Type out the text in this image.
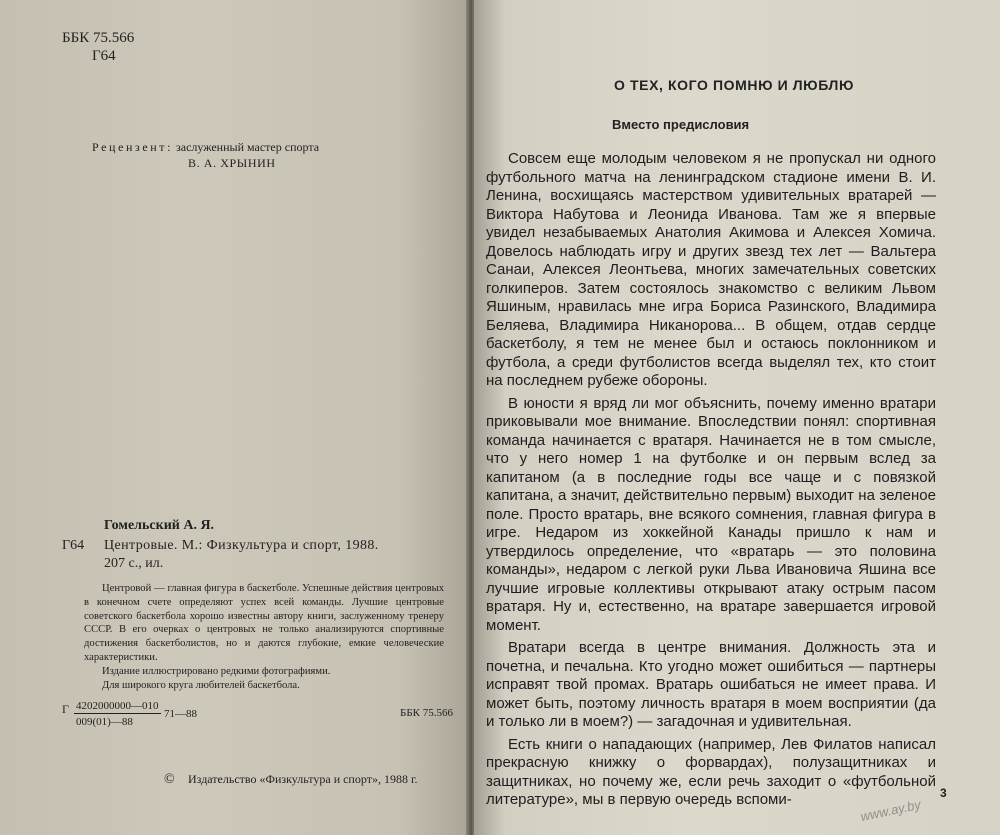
ББК 75.566
Г64
Рецензент: заслуженный мастер спорта
В. А. ХРЫНИН
Гомельский А. Я.
Г64 Центровые. М.: Физкультура и спорт, 1988.
207 с., ил.

Центровой — главная фигура в баскетболе. Успешные действия центровых в конечном счете определяют успех всей команды. Лучшие центровые советского баскетбола хорошо известны автору книги, заслуженному тренеру СССР. В его очерках о центровых не только анализируются спортивные достижения баскетболистов, но и даются глубокие, емкие человеческие характеристики.

Издание иллюстрировано редкими фотографиями.

Для широкого круга любителей баскетбола.

Г 4202000000—010
009(01)—88
71—88	ББК 75.566
© Издательство «Физкультура и спорт», 1988 г.
О ТЕХ, КОГО ПОМНЮ И ЛЮБЛЮ
Вместо предисловия

Совсем еще молодым человеком я не пропускал ни одного футбольного матча на ленинградском стадионе имени В. И. Ленина, восхищаясь мастерством удивительных вратарей — Виктора Набутова и Леонида Иванова. Там же я впервые увидел незабываемых Анатолия Акимова и Алексея Хомича. Довелось наблюдать игру и других звезд тех лет — Вальтера Санаи, Алексея Леонтьева, многих замечательных советских голкиперов. Затем состоялось знакомство с великим Львом Яшиным, нравилась мне игра Бориса Разинского, Владимира Беляева, Владимира Никанорова... В общем, отдав сердце баскетболу, я тем не менее был и остаюсь поклонником и футбола, а среди футболистов всегда выделял тех, кто стоит на последнем рубеже обороны.

В юности я вряд ли мог объяснить, почему именно вратари приковывали мое внимание. Впоследствии понял: спортивная команда начинается с вратаря. Начинается не в том смысле, что у него номер 1 на футболке и он первым вслед за капитаном (а в последние годы все чаще и с повязкой капитана, а значит, действительно первым) выходит на зеленое поле. Просто вратарь, вне всякого сомнения, главная фигура в игре. Недаром из хоккейной Канады пришло к нам и утвердилось определение, что «вратарь — это половина команды», недаром с легкой руки Льва Ивановича Яшина все лучшие игровые коллективы открывают атаку острым пасом вратаря. Ну и, естественно, на вратаре завершается игровой момент.

Вратари всегда в центре внимания. Должность эта и почетна, и печальна. Кто угодно может ошибиться — партнеры исправят твой промах. Вратарь ошибаться не имеет права. И может быть, поэтому личность вратаря в моем восприятии (да и только ли в моем?) — загадочная и удивительная.

Есть книги о нападающих (например, Лев Филатов написал прекрасную книжку о форвардах), полузащитниках и защитниках, но почему же, если речь заходит о «футбольной литературе», мы в первую очередь вспоми-	3
www.ay.by
